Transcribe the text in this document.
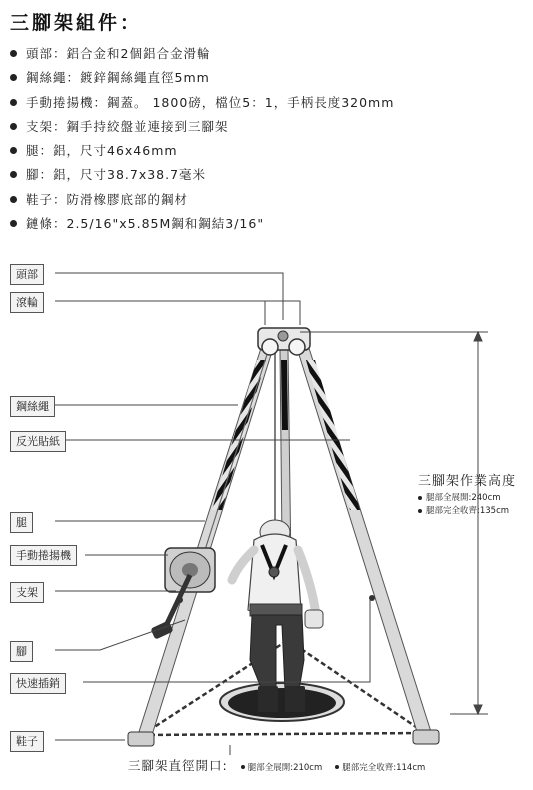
三腳架組件：
頭部：鋁合金和2個鋁合金滑輪
鋼絲繩：鍍鋅鋼絲繩直徑5mm
手動捲揚機：鋼蓋。 1800磅，檔位5：1，手柄長度320mm
支架：鋼手持絞盤並連接到三腳架
腿：鋁，尺寸46x46mm
腳：鋁，尺寸38.7x38.7毫米
鞋子：防滑橡膠底部的鋼材
鏈條：2.5/16"x5.85M鋼和鋼結3/16"
頭部
滾輪
鋼絲繩
反光貼紙
腿
手動捲揚機
支架
腳
快速插銷
鞋子
三腳架作業高度
腿部全展開:240cm
腿部完全收齊:135cm
三腳架直徑開口: 腿部全展開:210cm 腿部完全收齊:114cm
